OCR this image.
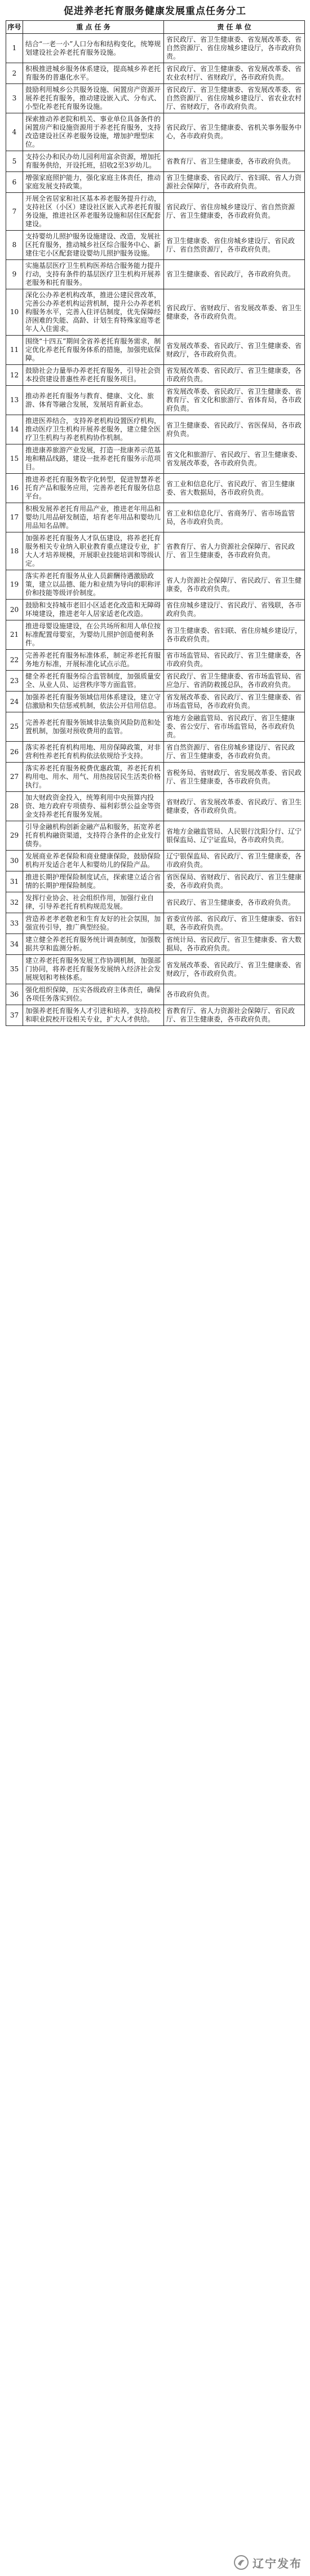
促进养老托育服务健康发展重点任务分工
序号	重 点 任 务	责 任 单 位
1	结合“一老一小”人口分布和结构变化，统筹规划建设社会养老托育服务设施。	省民政厅、省卫生健康委、省发展改革委、省自然资源厅、省住房城乡建设厅，各市政府负责。
2	积极推进城乡服务体系建设，提高城乡养老托育服务的普惠化水平。	省民政厅、省卫生健康委、省发展改革委、省农业农村厅、省财政厅，各市政府负责。
3	鼓励利用城乡公共服务设施、闲置房产资源开展养老托育服务，推动建设嵌入式、分布式、小型化养老托育服务设施。	省民政厅、省卫生健康委、省发展改革委、省自然资源厅、省住房城乡建设厅、省农业农村厅、省财政厅，各市政府负责。
4	探索推动养老院和机关、事业单位具备条件的闲置房产和设施资源用于养老托育服务，支持改造建设社区养老服务设施，增加护理型床位。	省民政厅、省卫生健康委、省机关事务服务中心，各市政府负责。
5	支持公办和民办幼儿园利用富余资源，增加托育服务供给，开设托班，招收2至3岁幼儿。	省教育厅、省卫生健康委，各市政府负责。
6	增强家庭照护能力，强化家庭主体责任，推动家庭发展支持政策。	省卫生健康委、省民政厅、省妇联、省人力资源社会保障厅，各市政府负责。
7	开展全省居家和社区基本养老服务提升行动，支持社区（小区）建设社区嵌入式养老托育服务设施，推进社区养老服务设施和居住区配套建设。	省民政厅、省住房城乡建设厅、省自然资源厅、省卫生健康委，各市政府负责。
8	支持婴幼儿照护服务设施建设、改造，发展社区托育服务，推动城乡社区综合服务中心、新建住宅小区配套建设婴幼儿照护服务设施。	省卫生健康委、省住房城乡建设厅、省民政厅、省自然资源厅，各市政府负责。
9	实施基层医疗卫生机构医养结合服务能力提升行动，支持有条件的基层医疗卫生机构开展养老服务和托育服务。	省卫生健康委、省民政厅，各市政府负责。
10	深化公办养老机构改革，推进公建民营改革，完善公办养老机构运营机制，提升公办养老机构服务水平，完善入住评估制度，优先保障经济困难的失能、高龄、计划生育特殊家庭等老年人入住需求。	省民政厅、省财政厅、省发展改革委、省卫生健康委，各市政府负责。
11	围绕“十四五”期间全省养老托育服务需求，制定优化养老托育服务体系的措施，加强兜底保障。	省发展改革委、省民政厅、省卫生健康委、省财政厅，各市政府负责。
12	鼓励社会力量举办养老托育服务，引导社会资本投资建设普惠性养老托育服务项目。	省发展改革委、省民政厅、省卫生健康委，各市政府负责。
13	推动养老托育服务与教育、健康、文化、旅游、体育等融合发展，发展培育新业态。	省发展改革委、省民政厅、省卫生健康委、省教育厅、省文化和旅游厅、省体育局，各市政府负责。
14	推进医养结合，支持养老机构设置医疗机构，推动医疗卫生机构开展养老服务，建立健全医疗卫生机构与养老机构协作机制。	省卫生健康委、省民政厅、省医保局，各市政府负责。
15	推进康养旅游产业发展，打造一批康养示范基地和精品线路，建设一批养老托育服务示范项目。	省文化和旅游厅、省民政厅、省卫生健康委、省发展改革委，各市政府负责。
16	推进养老托育服务数字化转型，促进智慧养老托育产品和服务应用，完善养老托育服务信息平台。	省工业和信息化厅、省民政厅、省卫生健康委、省大数据局，各市政府负责。
17	积极发展养老托育用品产业，推进老年用品和婴幼儿用品研发制造，培育老年用品和婴幼儿用品知名品牌。	省工业和信息化厅、省商务厅、省市场监管局，各市政府负责。
18	加强养老托育服务人才队伍建设，将养老托育服务相关专业纳入职业教育重点建设专业，扩大人才培养规模，开展职业技能培训和等级认定。	省教育厅、省人力资源社会保障厅、省民政厅、省卫生健康委，各市政府负责。
19	落实养老托育服务从业人员薪酬待遇激励政策，建立以品德、能力和业绩为导向的职称评价和技能等级评价制度。	省人力资源社会保障厅、省民政厅、省卫生健康委，各市政府负责。
20	鼓励和支持城市老旧小区适老化改造和无障碍环境建设，推进老年人居家适老化改造。	省住房城乡建设厅、省民政厅、省残联，各市政府负责。
21	推进母婴设施建设，在公共场所和用人单位按标准配置母婴室，为婴幼儿照护创造便利条件。	省卫生健康委、省妇联、省住房城乡建设厅，各市政府负责。
22	完善养老托育服务标准体系，制定养老托育服务地方标准，开展标准化试点示范。	省市场监管局、省民政厅、省卫生健康委，各市政府负责。
23	健全养老托育服务综合监管制度，加强质量安全、从业人员、运营秩序等方面监管。	省民政厅、省卫生健康委、省市场监管局、省应急厅、省消防救援总队，各市政府负责。
24	加强养老托育服务领域信用体系建设，建立守信激励和失信惩戒机制，依法公开信用信息。	省发展改革委、省民政厅、省卫生健康委、省市场监管局，各市政府负责。
25	完善养老托育服务领域非法集资风险防范和处置机制，加强对预收费用的监管。	省地方金融监管局、省民政厅、省卫生健康委、省公安厅、省市场监管局，各市政府负责。
26	落实养老托育机构用地、用房保障政策，对非营利性养老托育机构依法依规给予支持。	省自然资源厅、省住房城乡建设厅、省民政厅、省卫生健康委，各市政府负责。
27	落实养老托育服务税费优惠政策，养老托育机构用电、用水、用气、用热按居民生活类价格执行。	省税务局、省财政厅、省发展改革委、省民政厅、省卫生健康委，各市政府负责。
28	加大财政资金投入，统筹利用中央预算内投资、地方政府专项债券、福利彩票公益金等资金支持养老托育服务发展。	省财政厅、省发展改革委、省民政厅、省卫生健康委，各市政府负责。
29	引导金融机构创新金融产品和服务，拓宽养老托育机构融资渠道，支持符合条件的企业发行债券。	省地方金融监管局、人民银行沈阳分行、辽宁银保监局、辽宁证监局，各市政府负责。
30	发展商业养老保险和商业健康保险，鼓励保险机构开发适合老年人和婴幼儿的保险产品。	辽宁银保监局、省民政厅、省卫生健康委，各市政府负责。
31	推进长期护理保险制度试点，探索建立适合省情的长期护理保险制度。	省医保局、省财政厅、省民政厅、省卫生健康委，各市政府负责。
32	发挥行业协会、社会组织作用，加强行业自律，引导养老托育机构规范发展。	省民政厅、省卫生健康委，各市政府负责。
33	营造养老孝老敬老和生育友好的社会氛围，加强宣传引导，推广典型经验。	省委宣传部、省民政厅、省卫生健康委、省妇联，各市政府负责。
34	建立健全养老托育服务统计调查制度，加强数据共享和监测分析。	省统计局、省民政厅、省卫生健康委、省大数据局，各市政府负责。
35	建立养老托育服务发展工作协调机制，加强部门协同，将养老托育服务发展纳入经济社会发展规划和考核体系。	省发展改革委、省民政厅、省卫生健康委、省财政厅，各市政府负责。
36	强化组织保障，压实各级政府主体责任，确保各项任务落实到位。	各市政府负责。
37	加强养老托育服务人才引进和培养，支持高校和职业院校开设相关专业，扩大人才供给。	省教育厅、省人力资源社会保障厅、省民政厅、省卫生健康委，各市政府负责。
辽宁发布
